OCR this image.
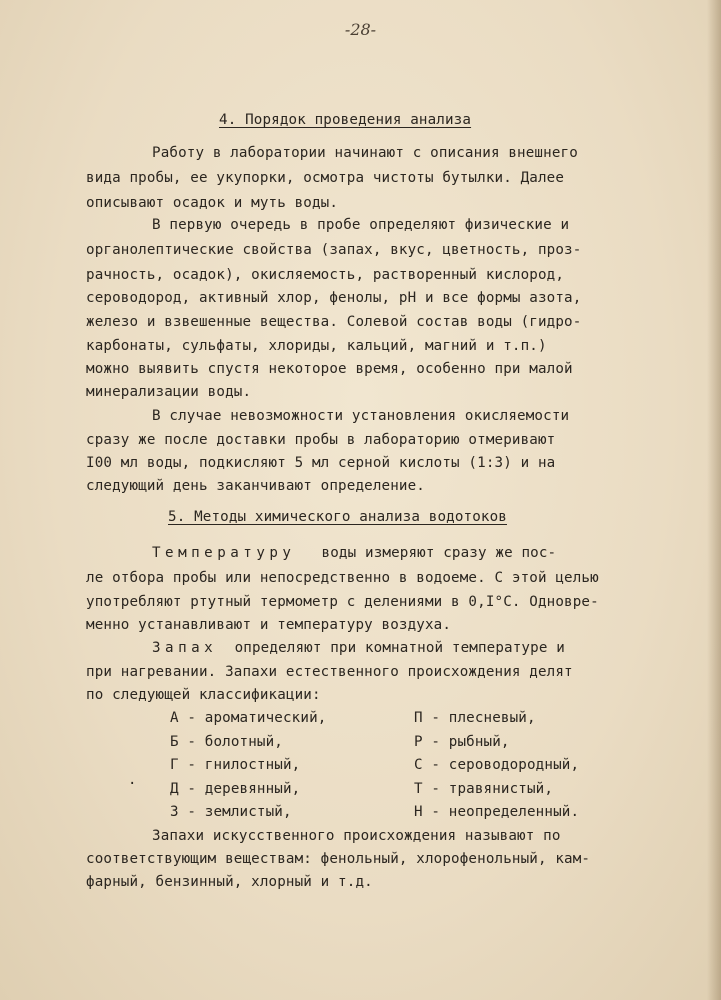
-28-

4. Порядок проведения анализа

Работу в лаборатории начинают с описания внешнего

вида пробы, ее укупорки, осмотра чистоты бутылки. Далее

описывают осадок и муть воды.

В первую очередь в пробе определяют физические и

органолептические свойства (запах, вкус, цветность, проз-

рачность, осадок), окисляемость, растворенный кислород,

сероводород, активный хлор, фенолы, pH и все формы азота,

железо и взвешенные вещества. Солевой состав воды (гидро-

карбонаты, сульфаты, хлориды, кальций, магний и т.п.)

можно выявить спустя некоторое время, особенно при малой

минерализации воды.

В случае невозможности установления окисляемости

сразу же после доставки пробы в лабораторию отмеривают

I00 мл воды, подкисляют 5 мл серной кислоты (1:3) и на

следующий день заканчивают определение.

5. Методы химического анализа водотоков

Температуру воды измеряют сразу же пос-

ле отбора пробы или непосредственно в водоеме. С этой целью

употребляют ртутный термометр с делениями в 0,I°С. Одновре-

менно устанавливают и температуру воздуха.

Запах определяют при комнатной температуре и

при нагревании. Запахи естественного происхождения делят

по следующей классификации:

А - ароматический,

Б - болотный,

Г - гнилостный,

Д - деревянный,

З - землистый,

П - плесневый,

Р - рыбный,

С - сероводородный,

Т - травянистый,

Н - неопределенный.

·

Запахи искусственного происхождения называют по

соответствующим веществам: фенольный, хлорофенольный, кам-

фарный, бензинный, хлорный и т.д.
